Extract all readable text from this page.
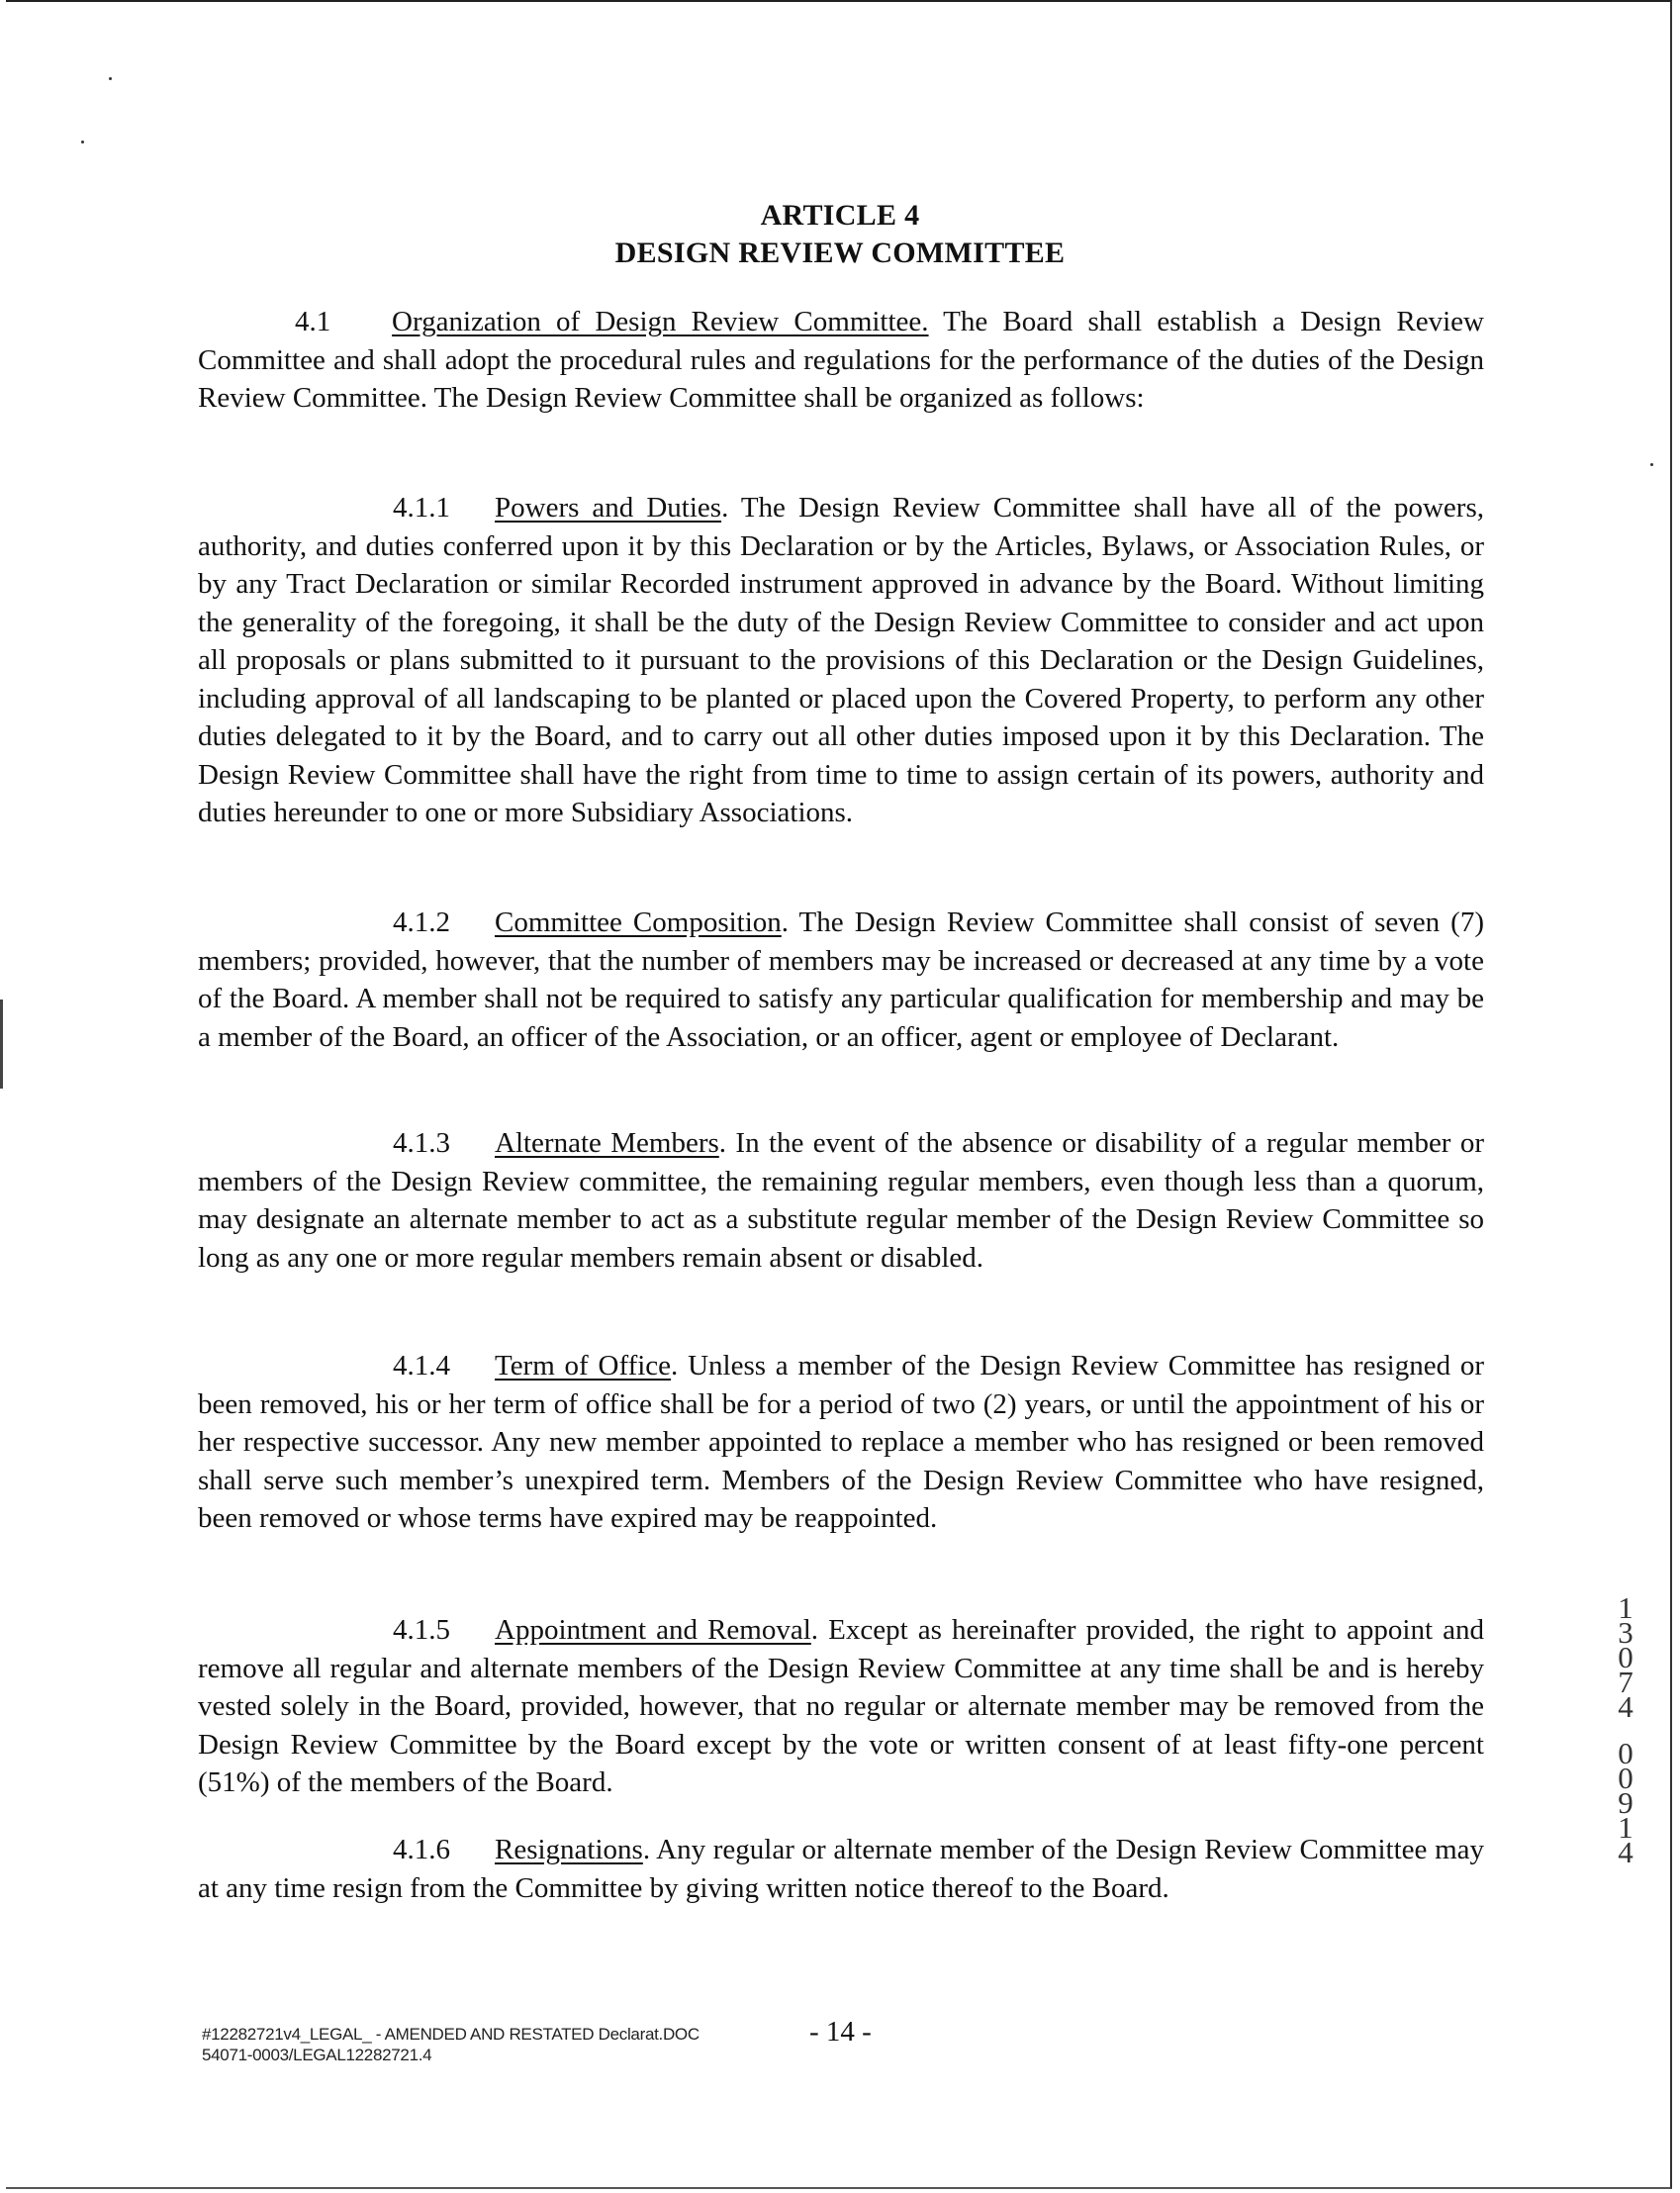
ARTICLE 4
DESIGN REVIEW COMMITTEE
4.1 Organization of Design Review Committee. The Board shall establish a Design Review Committee and shall adopt the procedural rules and regulations for the performance of the duties of the Design Review Committee. The Design Review Committee shall be organized as follows:
4.1.1 Powers and Duties. The Design Review Committee shall have all of the powers, authority, and duties conferred upon it by this Declaration or by the Articles, Bylaws, or Association Rules, or by any Tract Declaration or similar Recorded instrument approved in advance by the Board. Without limiting the generality of the foregoing, it shall be the duty of the Design Review Committee to consider and act upon all proposals or plans submitted to it pursuant to the provisions of this Declaration or the Design Guidelines, including approval of all landscaping to be planted or placed upon the Covered Property, to perform any other duties delegated to it by the Board, and to carry out all other duties imposed upon it by this Declaration. The Design Review Committee shall have the right from time to time to assign certain of its powers, authority and duties hereunder to one or more Subsidiary Associations.
4.1.2 Committee Composition. The Design Review Committee shall consist of seven (7) members; provided, however, that the number of members may be increased or decreased at any time by a vote of the Board. A member shall not be required to satisfy any particular qualification for membership and may be a member of the Board, an officer of the Association, or an officer, agent or employee of Declarant.
4.1.3 Alternate Members. In the event of the absence or disability of a regular member or members of the Design Review committee, the remaining regular members, even though less than a quorum, may designate an alternate member to act as a substitute regular member of the Design Review Committee so long as any one or more regular members remain absent or disabled.
4.1.4 Term of Office. Unless a member of the Design Review Committee has resigned or been removed, his or her term of office shall be for a period of two (2) years, or until the appointment of his or her respective successor. Any new member appointed to replace a member who has resigned or been removed shall serve such member’s unexpired term. Members of the Design Review Committee who have resigned, been removed or whose terms have expired may be reappointed.
4.1.5 Appointment and Removal. Except as hereinafter provided, the right to appoint and remove all regular and alternate members of the Design Review Committee at any time shall be and is hereby vested solely in the Board, provided, however, that no regular or alternate member may be removed from the Design Review Committee by the Board except by the vote or written consent of at least fifty-one percent (51%) of the members of the Board.
4.1.6 Resignations. Any regular or alternate member of the Design Review Committee may at any time resign from the Committee by giving written notice thereof to the Board.
#12282721v4_LEGAL_ - AMENDED AND RESTATED Declarat.DOC
54071-0003/LEGAL12282721.4
- 14 -
1
3
0
7
4
0
0
9
1
4
